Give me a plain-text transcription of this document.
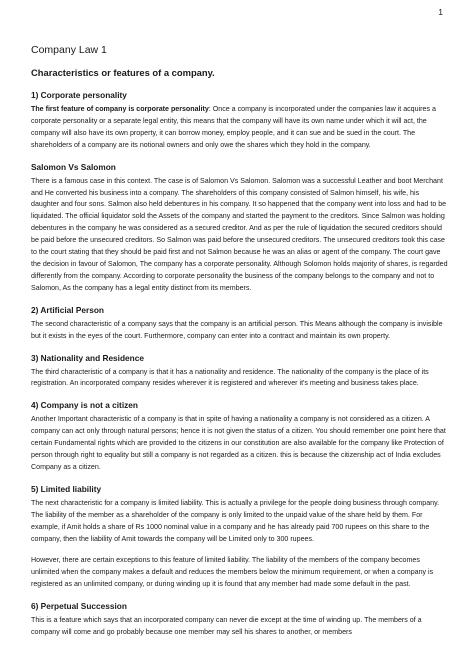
1
Company Law 1
Characteristics or features of a company.
1) Corporate personality
The first feature of company is corporate personality: Once a company is incorporated under the companies law it acquires a corporate personality or a separate legal entity, this means that the company will have its own name under which it will act, the company will also have its own property, it can borrow money, employ people, and it can sue and be sued in the court. The shareholders of a company are its notional owners and only owe the shares which they hold in the company.
Salomon Vs Salomon
There is a famous case in this context. The case is of Salomon Vs Salomon. Salomon was a successful Leather and boot Merchant and He converted his business into a company. The shareholders of this company consisted of Salmon himself, his wife, his daughter and four sons. Salmon also held debentures in his company. It so happened that the company went into loss and had to be liquidated. The official liquidator sold the Assets of the company and started the payment to the creditors. Since Salmon was holding debentures in the company he was considered as a secured creditor. And as per the rule of liquidation the secured creditors should be paid before the unsecured creditors. So Salmon was paid before the unsecured creditors. The unsecured creditors took this case to the court stating that they should be paid first and not Salmon because he was an alias or agent of the company. The court gave the decision in favour of Salomon, The company has a corporate personality. Although Solomon holds majority of shares, is regarded differently from the company. According to corporate personality the business of the company belongs to the company and not to Salomon, As the company has a legal entity distinct from its members.
2) Artificial Person
The second characteristic of a company says that the company is an artificial person. This Means although the company is invisible but it exists in the eyes of the court. Furthermore, company can enter into a contract and maintain its own property.
3) Nationality and Residence
The third characteristic of a company is that it has a nationality and residence. The nationality of the company is the place of its registration. An incorporated company resides wherever it is registered and wherever it's meeting and business takes place.
4) Company is not a citizen
Another Important characteristic of a company is that in spite of having a nationality a company is not considered as a citizen. A company can act only through natural persons; hence it is not given the status of a citizen. You should remember one point here that certain Fundamental rights which are provided to the citizens in our constitution are also available for the company like Protection of person through right to equality but still a company is not regarded as a citizen. this is because the citizenship act of India excludes Company as a citizen.
5) Limited liability
The next characteristic for a company is limited liability. This is actually a privilege for the people doing business through company. The liability of the member as a shareholder of the company is only limited to the unpaid value of the share held by them. For example, if Amit holds a share of Rs 1000 nominal value in a company and he has already paid 700 rupees on this share to the company, then the liability of Amit towards the company will be Limited only to 300 rupees.
However, there are certain exceptions to this feature of limited liability. The liability of the members of the company becomes unlimited when the company makes a default and reduces the members below the minimum requirement, or when a company is registered as an unlimited company, or during winding up it is found that any member had made some default in the past.
6) Perpetual Succession
This is a feature which says that an incorporated company can never die except at the time of winding up. The members of a company will come and go probably because one member may sell his shares to another, or members
